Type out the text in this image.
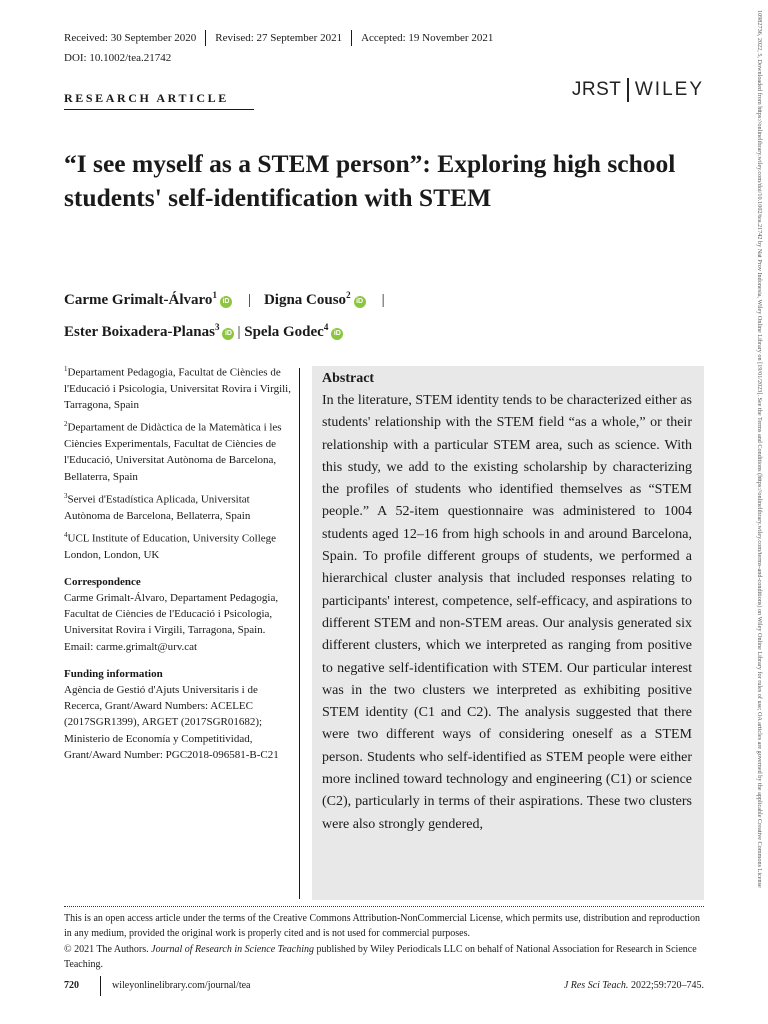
Received: 30 September 2020 Revised: 27 September 2021 Accepted: 19 November 2021
DOI: 10.1002/tea.21742
JRST WILEY
RESEARCH ARTICLE
“I see myself as a STEM person”: Exploring high school students' self-identification with STEM
Carme Grimalt-Álvaro$^1$iD | Digna Couso$^2$iD |
Ester Boixadera-Planas$^3$iD | Spela Godec$^4$iD
$^1$Departament Pedagogia, Facultat de Ciències de l'Educació i Psicologia, Universitat Rovira i Virgili, Tarragona, Spain
$^2$Departament de Didàctica de la Matemàtica i les Ciències Experimentals, Facultat de Ciències de l'Educació, Universitat Autònoma de Barcelona, Bellaterra, Spain
$^3$Servei d'Estadística Aplicada, Universitat Autònoma de Barcelona, Bellaterra, Spain
$^4$UCL Institute of Education, University College London, London, UK
Correspondence
Carme Grimalt-Álvaro, Departament Pedagogia, Facultat de Ciències de l'Educació i Psicologia, Universitat Rovira i Virgili, Tarragona, Spain.
Email: carme.grimalt@urv.cat
Funding information
Agència de Gestió d'Ajuts Universitaris i de Recerca, Grant/Award Numbers: ACELEC (2017SGR1399), ARGET (2017SGR01682); Ministerio de Economía y Competitividad, Grant/Award Number: PGC2018-096581-B-C21
Abstract
In the literature, STEM identity tends to be characterized either as students' relationship with the STEM field “as a whole,” or their relationship with a particular STEM area, such as science. With this study, we add to the existing scholarship by characterizing the profiles of students who identified themselves as “STEM people.” A 52-item questionnaire was administered to 1004 students aged 12–16 from high schools in and around Barcelona, Spain. To profile different groups of students, we performed a hierarchical cluster analysis that included responses relating to participants' interest, competence, self-efficacy, and aspirations to different STEM and non-STEM areas. Our analysis generated six different clusters, which we interpreted as ranging from positive to negative self-identification with STEM. Our particular interest was in the two clusters we interpreted as exhibiting positive STEM identity (C1 and C2). The analysis suggested that there were two different ways of considering oneself as a STEM person. Students who self-identified as STEM people were either more inclined toward technology and engineering (C1) or science (C2), particularly in terms of their aspirations. These two clusters were also strongly gendered,
This is an open access article under the terms of the Creative Commons Attribution-NonCommercial License, which permits use, distribution and reproduction in any medium, provided the original work is properly cited and is not used for commercial purposes.
© 2021 The Authors. Journal of Research in Science Teaching published by Wiley Periodicals LLC on behalf of National Association for Research in Science Teaching.
720	wileyonlinelibrary.com/journal/tea	J Res Sci Teach. 2022;59:720–745.
10982736, 2022, 5, Downloaded from https://onlinelibrary.wiley.com/doi/10.1002/tea.21742 by Nat Prov Indonesia, Wiley Online Library on [19/01/2023]. See the Terms and Conditions (https://onlinelibrary.wiley.com/terms-and-conditions) on Wiley Online Library for rules of use; OA articles are governed by the applicable Creative Commons License
